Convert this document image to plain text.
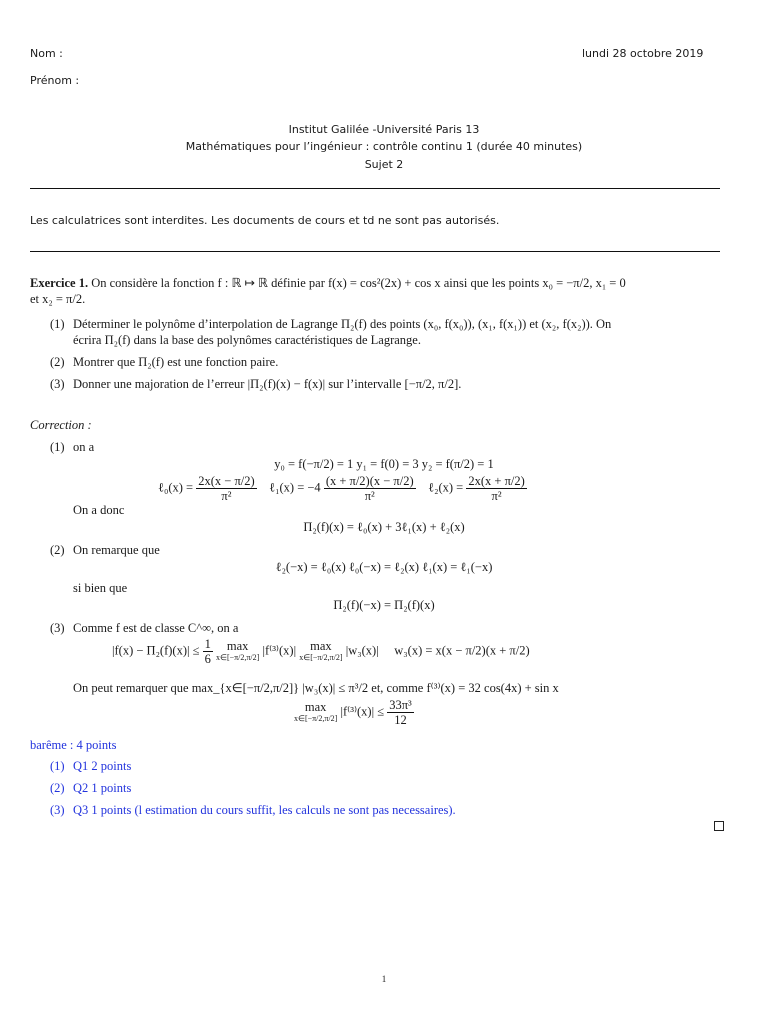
Nom :	lundi 28 octobre 2019
Prénom :
Institut Galilée -Université Paris 13
Mathématiques pour l’ingénieur : contrôle continu 1 (durée 40 minutes)
Sujet 2
Les calculatrices sont interdites. Les documents de cours et td ne sont pas autorisés.
Exercice 1. On considère la fonction f : ℝ ↦ ℝ définie par f(x) = cos²(2x) + cos x ainsi que les points x₀ = −π/2, x₁ = 0
et x₂ = π/2.
(1) Déterminer le polynôme d’interpolation de Lagrange Π₂(f) des points (x₀, f(x₀)), (x₁, f(x₁)) et (x₂, f(x₂)). On
écrira Π₂(f) dans la base des polynômes caractéristiques de Lagrange.
(2) Montrer que Π₂(f) est une fonction paire.
(3) Donner une majoration de l’erreur |Π₂(f)(x) − f(x)| sur l’intervalle [−π/2, π/2].
Correction :
(1) on a
y₀ = f(−π/2) = 1 y₁ = f(0) = 3 y₂ = f(π/2) = 1
ℓ₀(x) = $\frac{2x(x - \pi/2)}{\text{π²}}$ ℓ₁(x) = $-4 \frac{(x + \pi/2)(x - \pi/2)}{\text{π²}}$ ℓ₂(x) = $\frac{2x(x + \pi/2)}{\text{π²}}$
On a donc
Π₂(f)(x) = ℓ₀(x) + 3ℓ₁(x) + ℓ₂(x)
(2) On remarque que
ℓ₂(−x) = ℓ₀(x) ℓ₀(−x) = ℓ₂(x) ℓ₁(x) = ℓ₁(−x)
si bien que
Π₂(f)(−x) = Π₂(f)(x)
(3) Comme f est de classe C^∞, on a
$|f(x) - \Pi_2(f)(x)| \le \frac{1}{6}$
	max
x∈[−π/2,π/2]
|f⁽³⁾(x)|	max
x∈[−π/2,π/2]
|w₃(x)| w₃(x) = x(x − π/2)(x + π/2)
On peut remarquer que max_{x∈[−π/2,π/2]} |w₃(x)| ≤ π³/2 et, comme f⁽³⁾(x) = 32 cos(4x) + sin x
max
x∈[−π/2,π/2]
$|f^{(3)}(x)| \le \frac{\text{33π³}}{12}$
barême : 4 points
(1) Q1 2 points
(2) Q2 1 points
(3) Q3 1 points (l estimation du cours suffit, les calculs ne sont pas necessaires).
1
